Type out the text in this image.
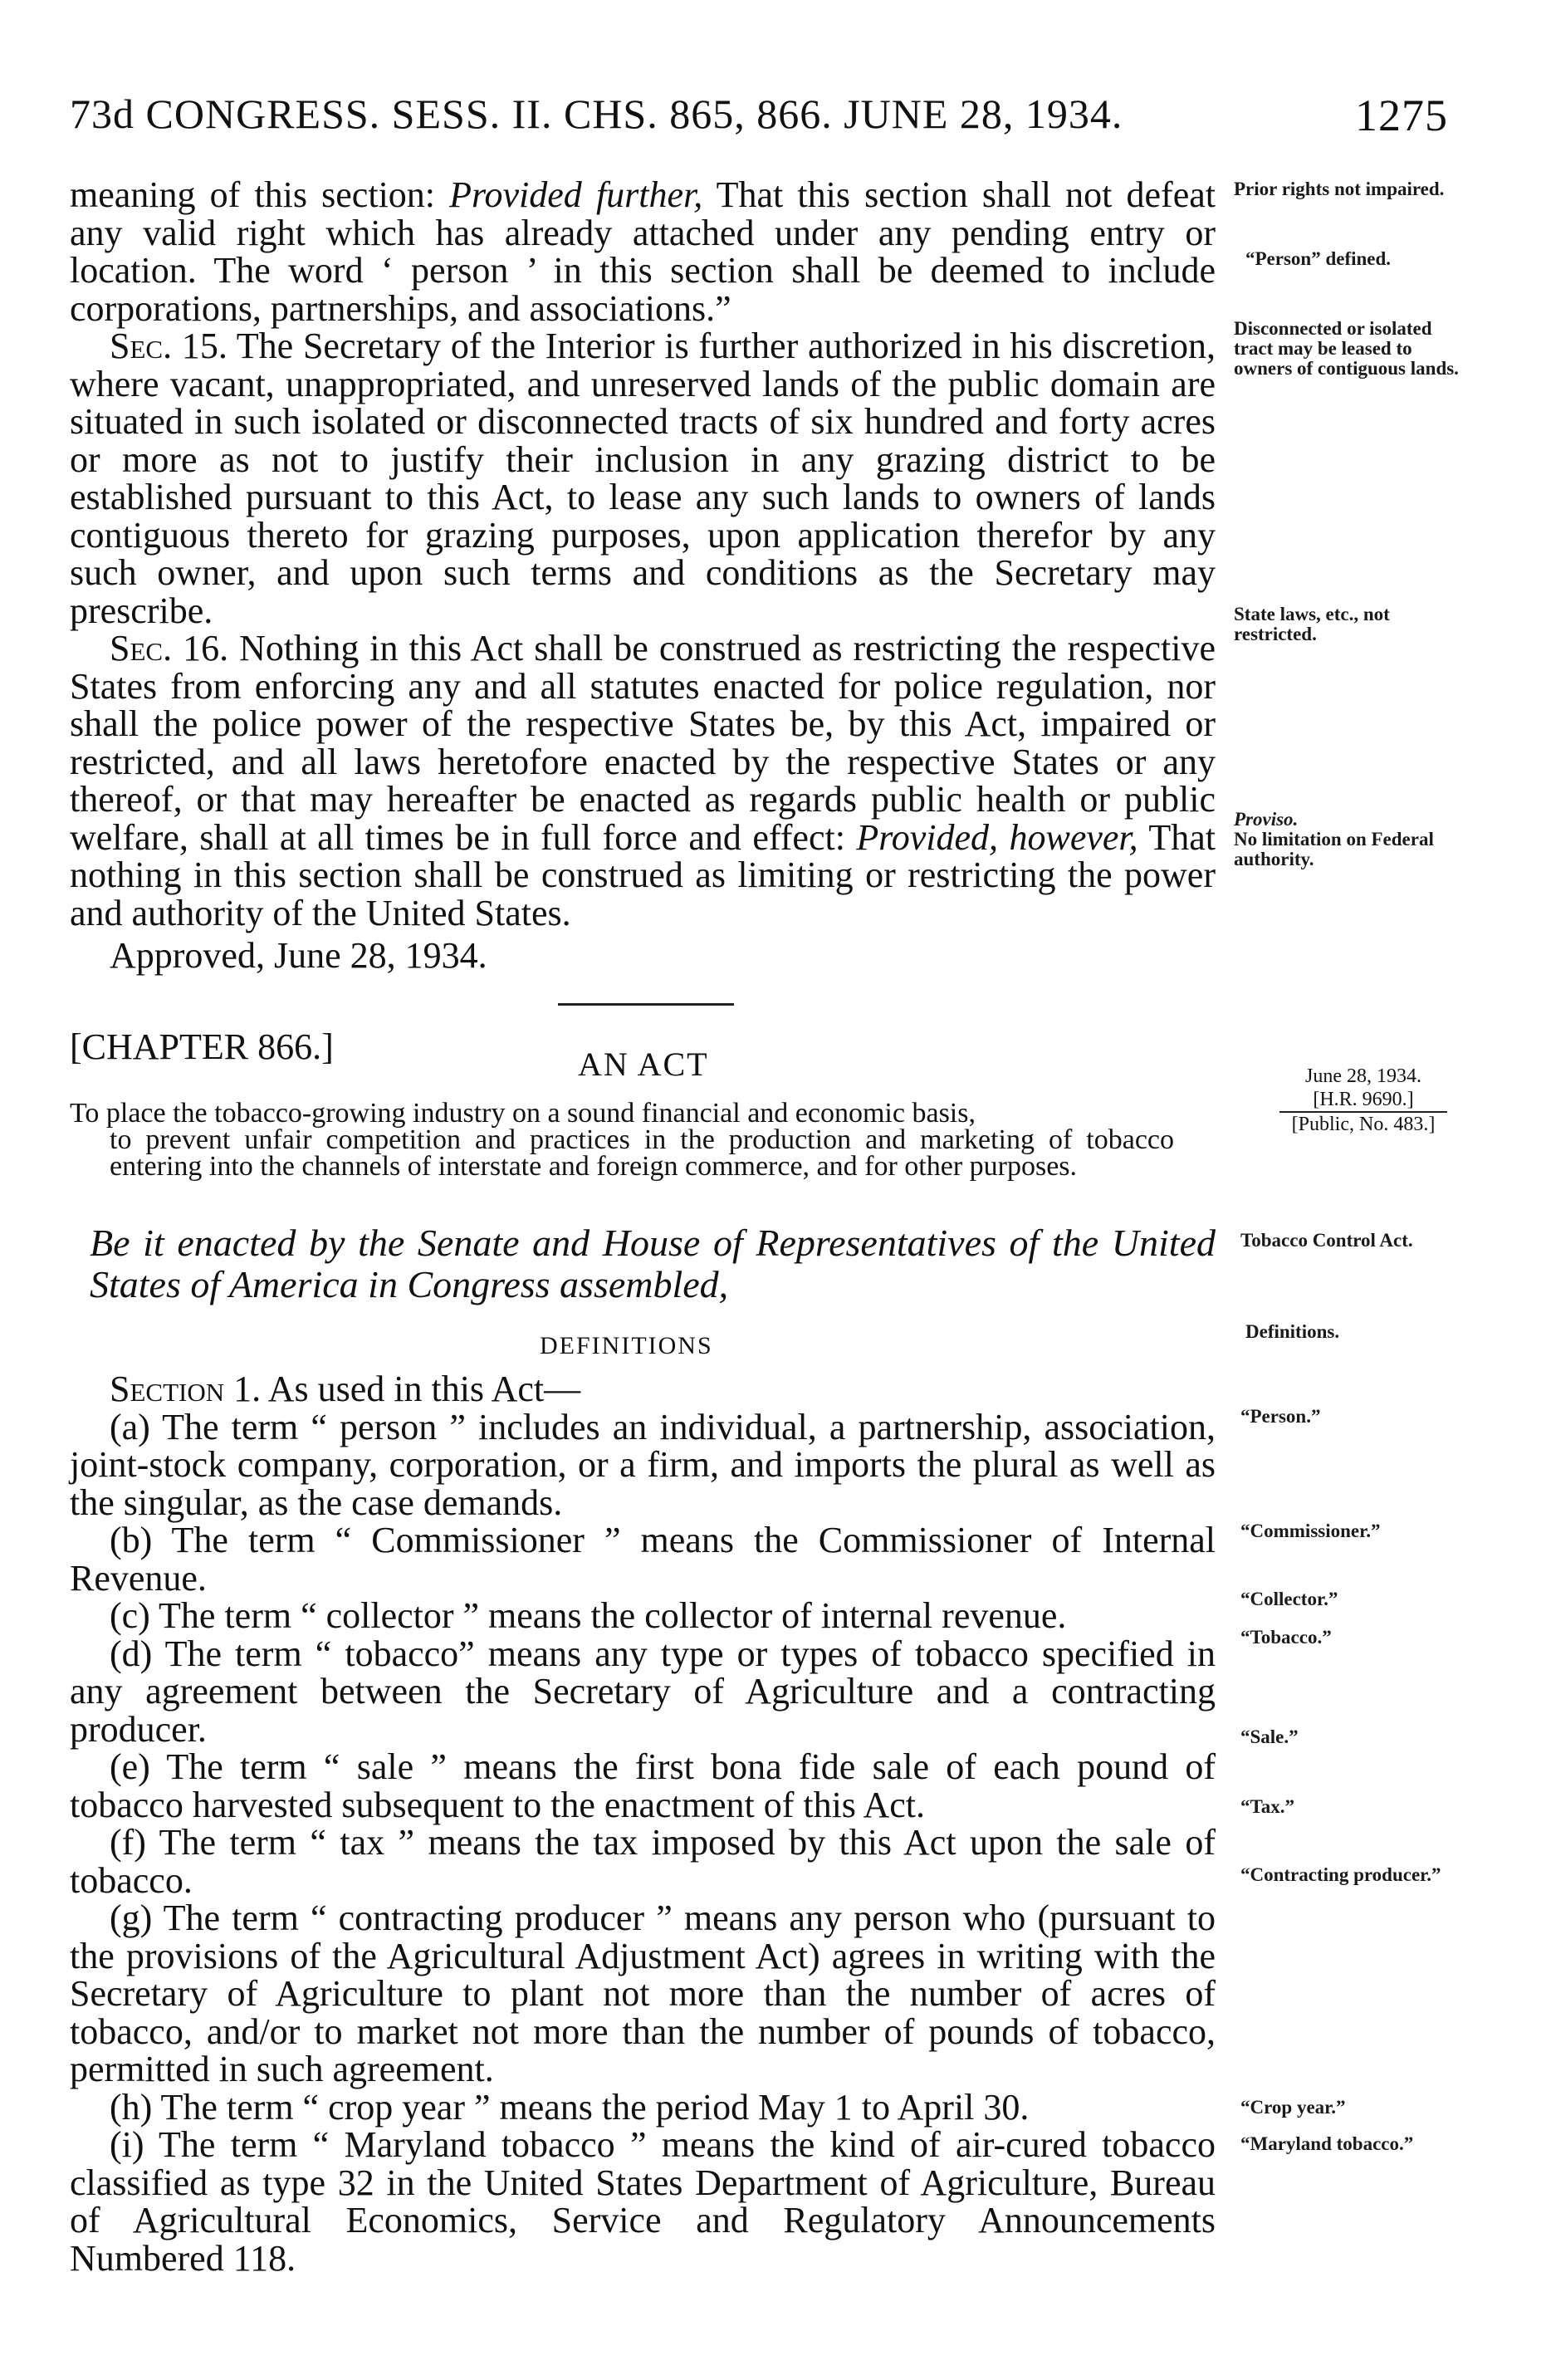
73d CONGRESS. SESS. II. CHS. 865, 866. JUNE 28, 1934.	1275

meaning of this section: Provided further, That this section shall not defeat any valid right which has already attached under any pending entry or location. The word ‘ person ’ in this section shall be deemed to include corporations, partnerships, and associations.”

Sec. 15. The Secretary of the Interior is further authorized in his discretion, where vacant, unappropriated, and unreserved lands of the public domain are situated in such isolated or disconnected tracts of six hundred and forty acres or more as not to justify their inclusion in any grazing district to be established pursuant to this Act, to lease any such lands to owners of lands contiguous thereto for grazing purposes, upon application therefor by any such owner, and upon such terms and conditions as the Secretary may prescribe.

Sec. 16. Nothing in this Act shall be construed as restricting the respective States from enforcing any and all statutes enacted for police regulation, nor shall the police power of the respective States be, by this Act, impaired or restricted, and all laws heretofore enacted by the respective States or any thereof, or that may hereafter be enacted as regards public health or public welfare, shall at all times be in full force and effect: Provided, however, That nothing in this section shall be construed as limiting or restricting the power and authority of the United States.

Approved, June 28, 1934.

Prior rights not impaired.
“Person” defined.
Disconnected or isolated tract may be leased to owners of contiguous lands.
State laws, etc., not restricted.
Proviso.
No limitation on Federal authority.
[CHAPTER 866.]	AN ACT	June 28, 1934.
[H.R. 9690.]
[Public, No. 483.]
To place the tobacco-growing industry on a sound financial and economic basis,
to prevent unfair competition and practices in the production and marketing of tobacco entering into the channels of interstate and foreign commerce, and for other purposes.
Be it enacted by the Senate and House of Representatives of the United States of America in Congress assembled,
Tobacco Control Act.
DEFINITIONS
Definitions.

Section 1. As used in this Act—

(a) The term “ person ” includes an individual, a partnership, association, joint-stock company, corporation, or a firm, and imports the plural as well as the singular, as the case demands.

(b) The term “ Commissioner ” means the Commissioner of Internal Revenue.

(c) The term “ collector ” means the collector of internal revenue.

(d) The term “ tobacco” means any type or types of tobacco specified in any agreement between the Secretary of Agriculture and a contracting producer.

(e) The term “ sale ” means the first bona fide sale of each pound of tobacco harvested subsequent to the enactment of this Act.

(f) The term “ tax ” means the tax imposed by this Act upon the sale of tobacco.

(g) The term “ contracting producer ” means any person who (pursuant to the provisions of the Agricultural Adjustment Act) agrees in writing with the Secretary of Agriculture to plant not more than the number of acres of tobacco, and/or to market not more than the number of pounds of tobacco, permitted in such agreement.

(h) The term “ crop year ” means the period May 1 to April 30.

(i) The term “ Maryland tobacco ” means the kind of air-cured tobacco classified as type 32 in the United States Department of Agriculture, Bureau of Agricultural Economics, Service and Regulatory Announcements Numbered 118.

“Person.”
“Commissioner.”
“Collector.”
“Tobacco.”
“Sale.”
“Tax.”
“Contracting producer.”
“Crop year.”
“Maryland tobacco.”
